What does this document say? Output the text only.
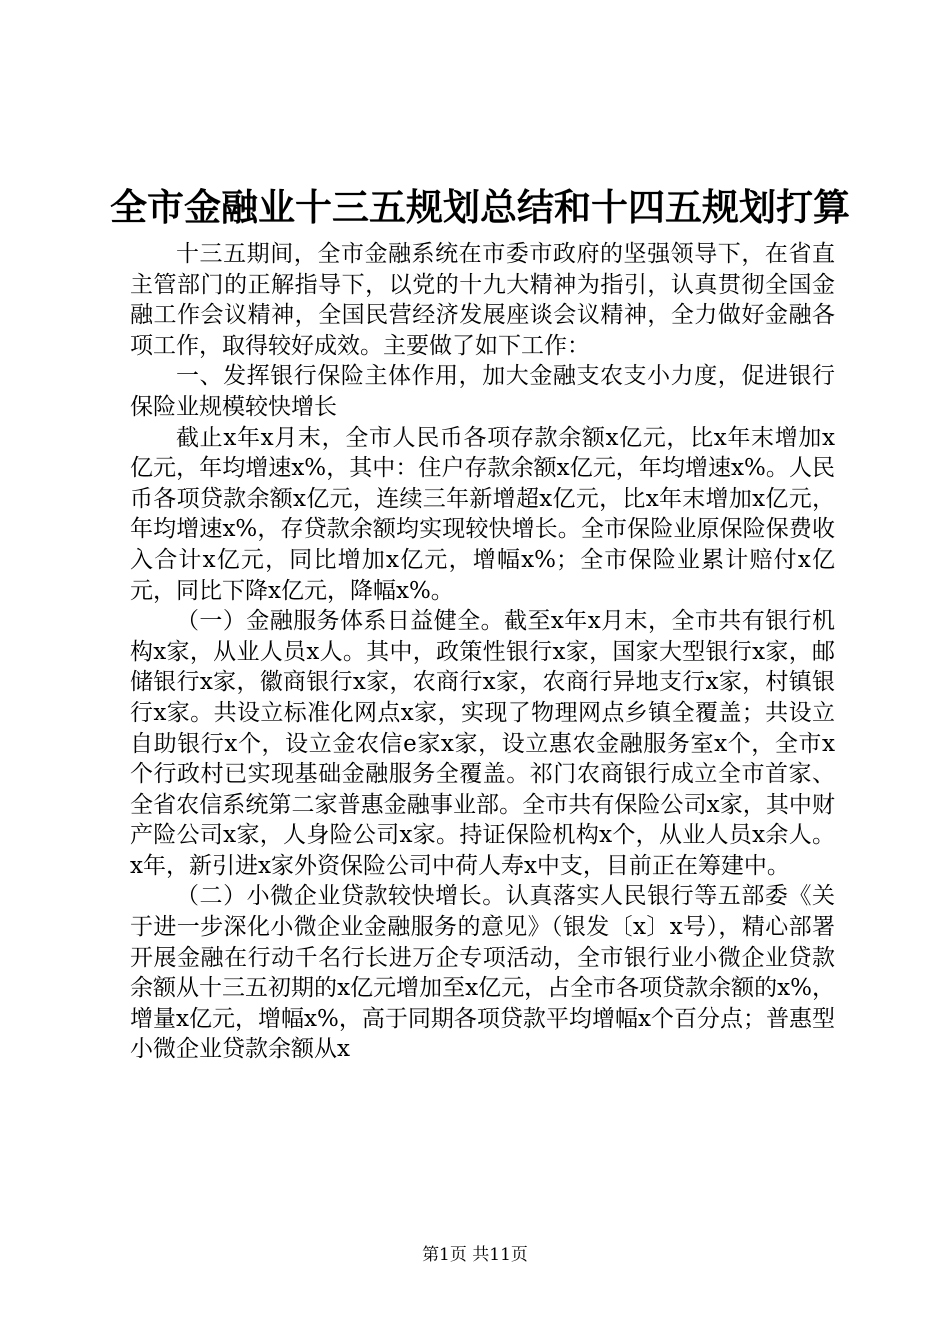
全市金融业十三五规划总结和十四五规划打算

十三五期间，全市金融系统在市委市政府的坚强领导下，在省直主管部门的正解指导下，以党的十九大精神为指引，认真贯彻全国金融工作会议精神，全国民营经济发展座谈会议精神，全力做好金融各项工作，取得较好成效。主要做了如下工作：

一、发挥银行保险主体作用，加大金融支农支小力度，促进银行保险业规模较快增长

截止x年x月末，全市人民币各项存款余额x亿元，比x年末增加x亿元，年均增速x%，其中：住户存款余额x亿元，年均增速x%。人民币各项贷款余额x亿元，连续三年新增超x亿元，比x年末增加x亿元，年均增速x%，存贷款余额均实现较快增长。全市保险业原保险保费收入合计x亿元，同比增加x亿元，增幅x%；全市保险业累计赔付x亿元，同比下降x亿元，降幅x%。

（一）金融服务体系日益健全。截至x年x月末，全市共有银行机构x家，从业人员x人。其中，政策性银行x家，国家大型银行x家，邮储银行x家，徽商银行x家，农商行x家，农商行异地支行x家，村镇银行x家。共设立标准化网点x家，实现了物理网点乡镇全覆盖；共设立自助银行x个，设立金农信e家x家，设立惠农金融服务室x个，全市x个行政村已实现基础金融服务全覆盖。祁门农商银行成立全市首家、全省农信系统第二家普惠金融事业部。全市共有保险公司x家，其中财产险公司x家，人身险公司x家。持证保险机构x个，从业人员x余人。x年，新引进x家外资保险公司中荷人寿x中支，目前正在筹建中。

（二）小微企业贷款较快增长。认真落实人民银行等五部委《关于进一步深化小微企业金融服务的意见》（银发〔x〕x号），精心部署开展金融在行动千名行长进万企专项活动，全市银行业小微企业贷款余额从十三五初期的x亿元增加至x亿元，占全市各项贷款余额的x%，增量x亿元，增幅x%，高于同期各项贷款平均增幅x个百分点；普惠型小微企业贷款余额从x

第1页 共11页
